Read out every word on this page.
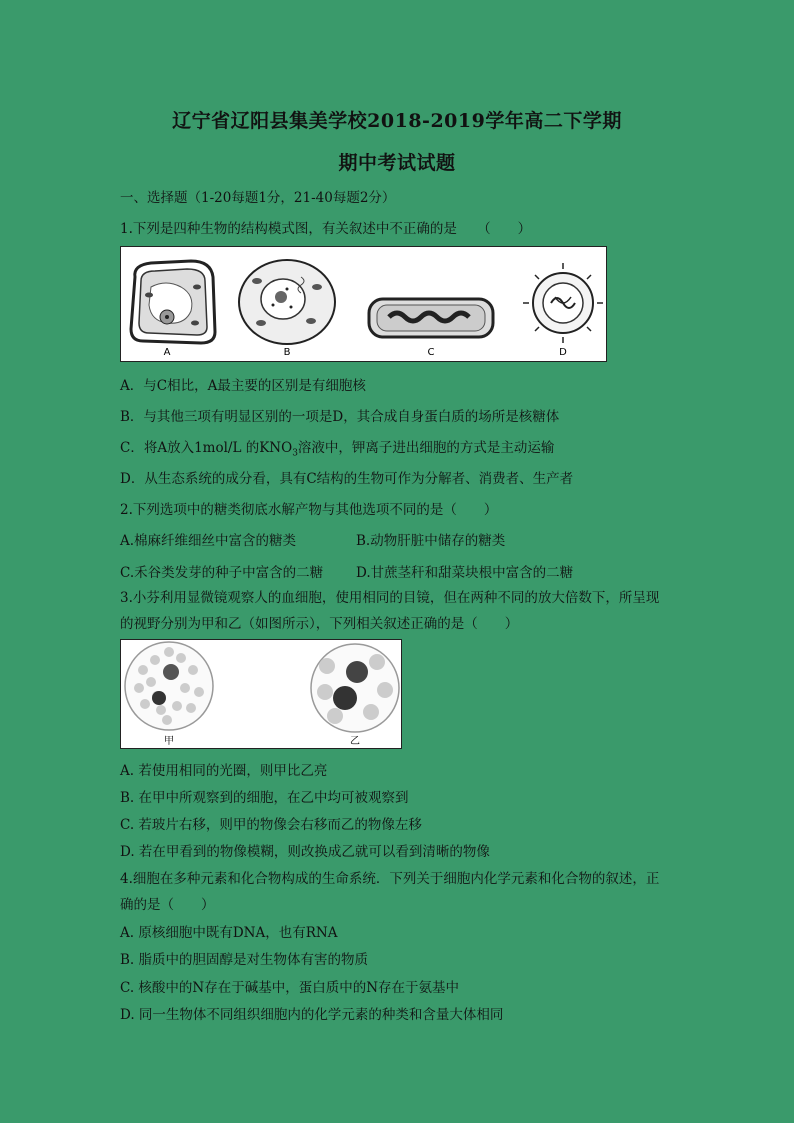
辽宁省辽阳县集美学校2018-2019学年高二下学期
期中考试试题
一、选择题（1-20每题1分，21-40每题2分）
1.下列是四种生物的结构模式图，有关叙述中不正确的是　　（　　）
A	B	C	D
A．与C相比，A最主要的区别是有细胞核
B．与其他三项有明显区别的一项是D，其合成自身蛋白质的场所是核糖体
C．将A放入1mol/L 的$KNO_3$溶液中，钾离子进出细胞的方式是主动运输
D．从生态系统的成分看，具有C结构的生物可作为分解者、消费者、生产者
2.下列选项中的糖类彻底水解产物与其他选项不同的是（　　）
A.棉麻纤维细丝中富含的糖类	B.动物肝脏中储存的糖类
C.禾谷类发芽的种子中富含的二糖 D.甘蔗茎秆和甜菜块根中富含的二糖
3.小芬利用显微镜观察人的血细胞，使用相同的目镜，但在两种不同的放大倍数下，所呈现
的视野分别为甲和乙（如图所示），下列相关叙述正确的是（　　）
甲	乙
A. 若使用相同的光圈，则甲比乙亮
B. 在甲中所观察到的细胞，在乙中均可被观察到
C. 若玻片右移，则甲的物像会右移而乙的物像左移
D. 若在甲看到的物像模糊，则改换成乙就可以看到清晰的物像
4.细胞在多种元素和化合物构成的生命系统．下列关于细胞内化学元素和化合物的叙述，正
确的是（　　）
A. 原核细胞中既有DNA，也有RNA
B. 脂质中的胆固醇是对生物体有害的物质
C. 核酸中的N存在于碱基中，蛋白质中的N存在于氨基中
D. 同一生物体不同组织细胞内的化学元素的种类和含量大体相同
